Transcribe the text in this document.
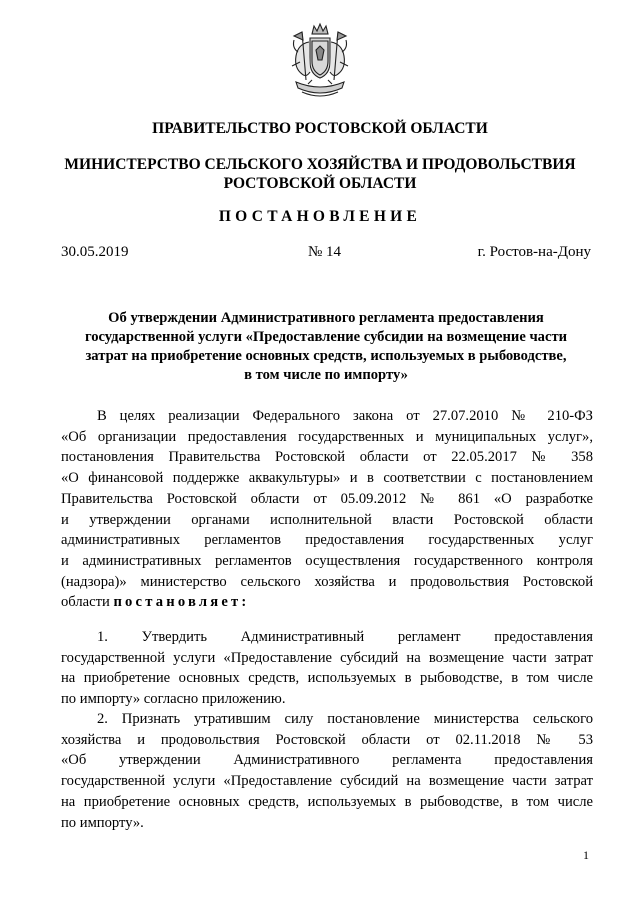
ПРАВИТЕЛЬСТВО РОСТОВСКОЙ ОБЛАСТИ
МИНИСТЕРСТВО СЕЛЬСКОГО ХОЗЯЙСТВА И ПРОДОВОЛЬСТВИЯ
РОСТОВСКОЙ ОБЛАСТИ
ПОСТАНОВЛЕНИЕ
30.05.2019	№ 14	г. Ростов-на-Дону
Об утверждении Административного регламента предоставления
государственной услуги «Предоставление субсидии на возмещение части
затрат на приобретение основных средств, используемых в рыбоводстве,
в том числе по импорту»
В целях реализации Федерального закона от 27.07.2010 № 210-ФЗ
«Об организации предоставления государственных и муниципальных услуг»,
постановления Правительства Ростовской области от 22.05.2017 № 358
«О финансовой поддержке аквакультуры» и в соответствии с постановлением
Правительства Ростовской области от 05.09.2012 № 861 «О разработке
и утверждении органами исполнительной власти Ростовской области
административных регламентов предоставления государственных услуг
и административных регламентов осуществления государственного контроля
(надзора)» министерство сельского хозяйства и продовольствия Ростовской
области постановляет:
1. Утвердить Административный регламент предоставления
государственной услуги «Предоставление субсидий на возмещение части затрат
на приобретение основных средств, используемых в рыбоводстве, в том числе
по импорту» согласно приложению.
2. Признать утратившим силу постановление министерства сельского
хозяйства и продовольствия Ростовской области от 02.11.2018 № 53
«Об утверждении Административного регламента предоставления
государственной услуги «Предоставление субсидий на возмещение части затрат
на приобретение основных средств, используемых в рыбоводстве, в том числе
по импорту».
1
